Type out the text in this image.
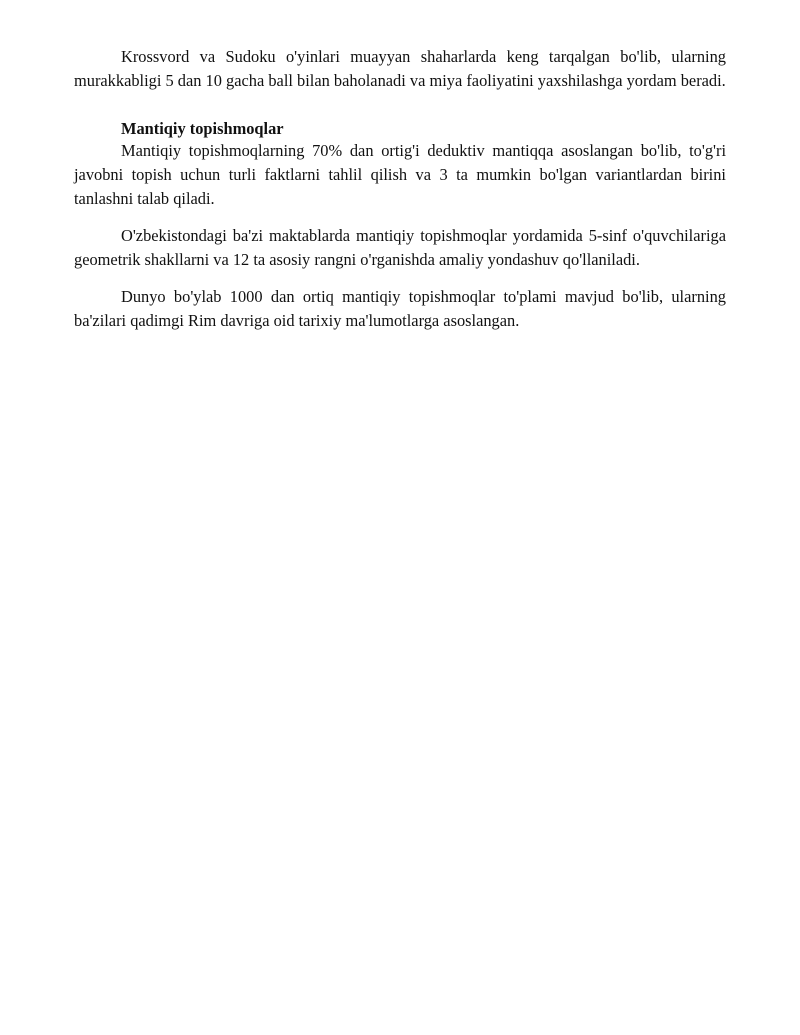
Krossvord va Sudoku o'yinlari muayyan shaharlarda keng tarqalgan bo'lib, ularning murakkabligi 5 dan 10 gacha ball bilan baholanadi va miya faoliyatini yaxshilashga yordam beradi.

Mantiqiy topishmoqlar

Mantiqiy topishmoqlarning 70% dan ortig'i deduktiv mantiqqa asoslangan bo'lib, to'g'ri javobni topish uchun turli faktlarni tahlil qilish va 3 ta mumkin bo'lgan variantlardan birini tanlashni talab qiladi.

O'zbekistondagi ba'zi maktablarda mantiqiy topishmoqlar yordamida 5-sinf o'quvchilariga geometrik shakllarni va 12 ta asosiy rangni o'rganishda amaliy yondashuv qo'llaniladi.

Dunyo bo'ylab 1000 dan ortiq mantiqiy topishmoqlar to'plami mavjud bo'lib, ularning ba'zilari qadimgi Rim davriga oid tarixiy ma'lumotlarga asoslangan.
